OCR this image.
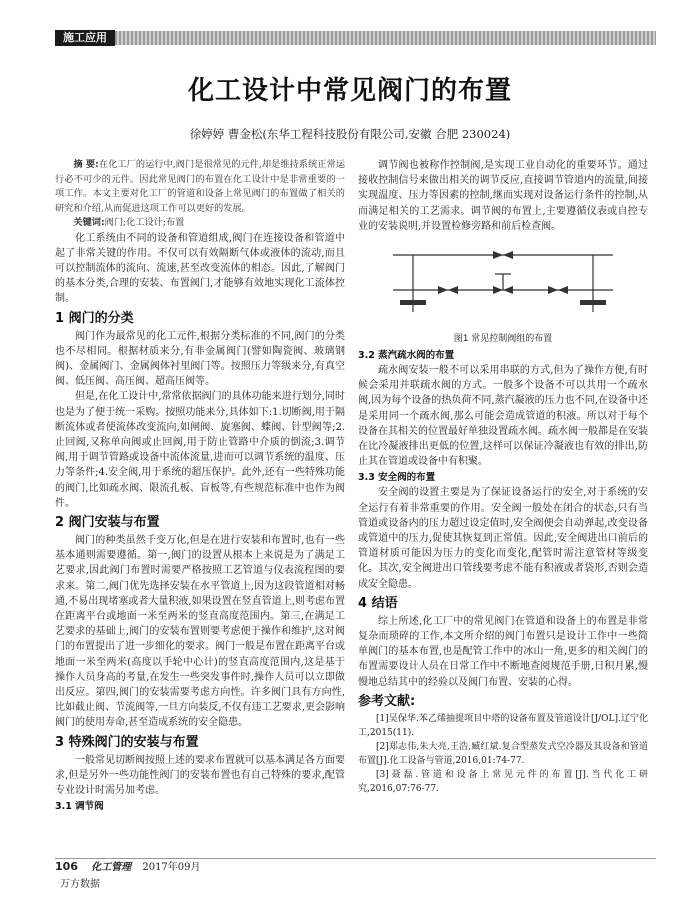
施工应用
化工设计中常见阀门的布置
徐婷婷 曹金松(东华工程科技股份有限公司,安徽 合肥 230024)

摘 要:在化工厂的运行中,阀门是很常见的元件,却是维持系统正常运行必不可少的元件。因此常见阀门的布置在化工设计中是非常重要的一项工作。本文主要对化工厂的管道和设备上常见阀门的布置做了相关的研究和介绍,从而促进这项工作可以更好的发展。

关键词:阀门;化工设计;布置

化工系统由不同的设备和管道组成,阀门在连接设备和管道中起了非常关键的作用。不仅可以有效隔断气体或液体的流动,而且可以控制流体的流向、流速,甚至改变流体的相态。因此,了解阀门的基本分类,合理的安装、布置阀门,才能够有效地实现化工流体控制。

1 阀门的分类

阀门作为最常见的化工元件,根据分类标准的不同,阀门的分类也不尽相同。根据材质来分,有非金属阀门(譬如陶瓷阀、玻璃钢阀)、金属阀门、金属阀体衬里阀门等。按照压力等级来分,有真空阀、低压阀、高压阀、超高压阀等。

但是,在化工设计中,常常依据阀门的具体功能来进行划分,同时也是为了便于统一采购。按照功能来分,具体如下:1.切断阀,用于隔断流体或者使流体改变流向,如闸阀、旋塞阀、蝶阀、针型阀等;2.止回阀,又称单向阀或止回阀,用于防止管路中介质的倒流;3.调节阀,用于调节管路或设备中流体流量,进而可以调节系统的温度、压力等条件;4.安全阀,用于系统的超压保护。此外,还有一些特殊功能的阀门,比如疏水阀、限流孔板、盲板等,有些规范标准中也作为阀件。

2 阀门安装与布置

阀门的种类虽然千变万化,但是在进行安装和布置时,也有一些基本通则需要遵循。第一,阀门的设置从根本上来说是为了满足工艺要求,因此阀门布置时需要严格按照工艺管道与仪表流程图的要求来。第二,阀门优先选择安装在水平管道上,因为这段管道相对畅通,不易出现堵塞或者大量积液,如果设置在竖直管道上,则考虑布置在距离平台或地面一米至两米的竖直高度范围内。第三,在满足工艺要求的基础上,阀门的安装布置则要考虑便于操作和维护,这对阀门的布置提出了进一步细化的要求。阀门一般是布置在距离平台或地面一米至两米(高度以手轮中心计)的竖直高度范围内,这是基于操作人员身高的考量,在发生一些突发事件时,操作人员可以立即做出反应。第四,阀门的安装需要考虑方向性。许多阀门具有方向性,比如截止阀、节流阀等,一旦方向装反,不仅有违工艺要求,更会影响阀门的使用寿命,甚至造成系统的安全隐患。

3 特殊阀门的安装与布置

一般常见切断阀按照上述的要求布置就可以基本满足各方面要求,但是另外一些功能性阀门的安装布置也有自己特殊的要求,配管专业设计时需另加考虑。

3.1 调节阀

调节阀也被称作控制阀,是实现工业自动化的重要环节。通过接收控制信号来做出相关的调节反应,直接调节管道内的流量,间接实现温度、压力等因素的控制,继而实现对设备运行条件的控制,从而满足相关的工艺需求。调节阀的布置上,主要遵循仪表或自控专业的安装说明,并设置检修旁路和前后检查阀。

图1 常见控制阀组的布置
3.2 蒸汽疏水阀的布置

疏水阀安装一般不可以采用串联的方式,但为了操作方便,有时候会采用并联疏水阀的方式。一般多个设备不可以共用一个疏水阀,因为每个设备的热负荷不同,蒸汽凝液的压力也不同,在设备中还是采用同一个疏水阀,那么可能会造成管道的积液。所以对于每个设备在其相关的位置最好单独设置疏水阀。疏水阀一般都是在安装在比冷凝液排出更低的位置,这样可以保证冷凝液也有效的排出,防止其在管道或设备中有积聚。

3.3 安全阀的布置

安全阀的设置主要是为了保证设备运行的安全,对于系统的安全运行有着非常重要的作用。安全阀一般处在闭合的状态,只有当管道或设备内的压力超过设定值时,安全阀便会自动弹起,改变设备或管道中的压力,促使其恢复到正常值。因此,安全阀进出口前后的管道材质可能因为压力的变化而变化,配管时需注意管材等级变化。其次,安全阀进出口管线要考虑不能有积液或者袋形,否则会造成安全隐患。

4 结语

综上所述,化工厂中的常见阀门在管道和设备上的布置是非常复杂而琐碎的工作,本文所介绍的阀门布置只是设计工作中一些简单阀门的基本布置,也是配管工作中的冰山一角,更多的相关阀门的布置需要设计人员在日常工作中不断地查阅规范手册,日积月累,慢慢地总结其中的经验以及阀门布置、安装的心得。

参考文献:

[1]吴保华.苯乙烯抽提项目中塔的设备布置及管道设计[J/OL].辽宁化工,2015(11).

[2]郑志伟,朱大亮,王浩,臧红斌.复合型蒸发式空冷器及其设备和管道布置[J].化工设备与管道,2016,01:74-77.

[3]聂磊.管道和设备上常见元件的布置[J].当代化工研究,2016,07:76-77.

106 化工管理 2017年09月
万方数据
